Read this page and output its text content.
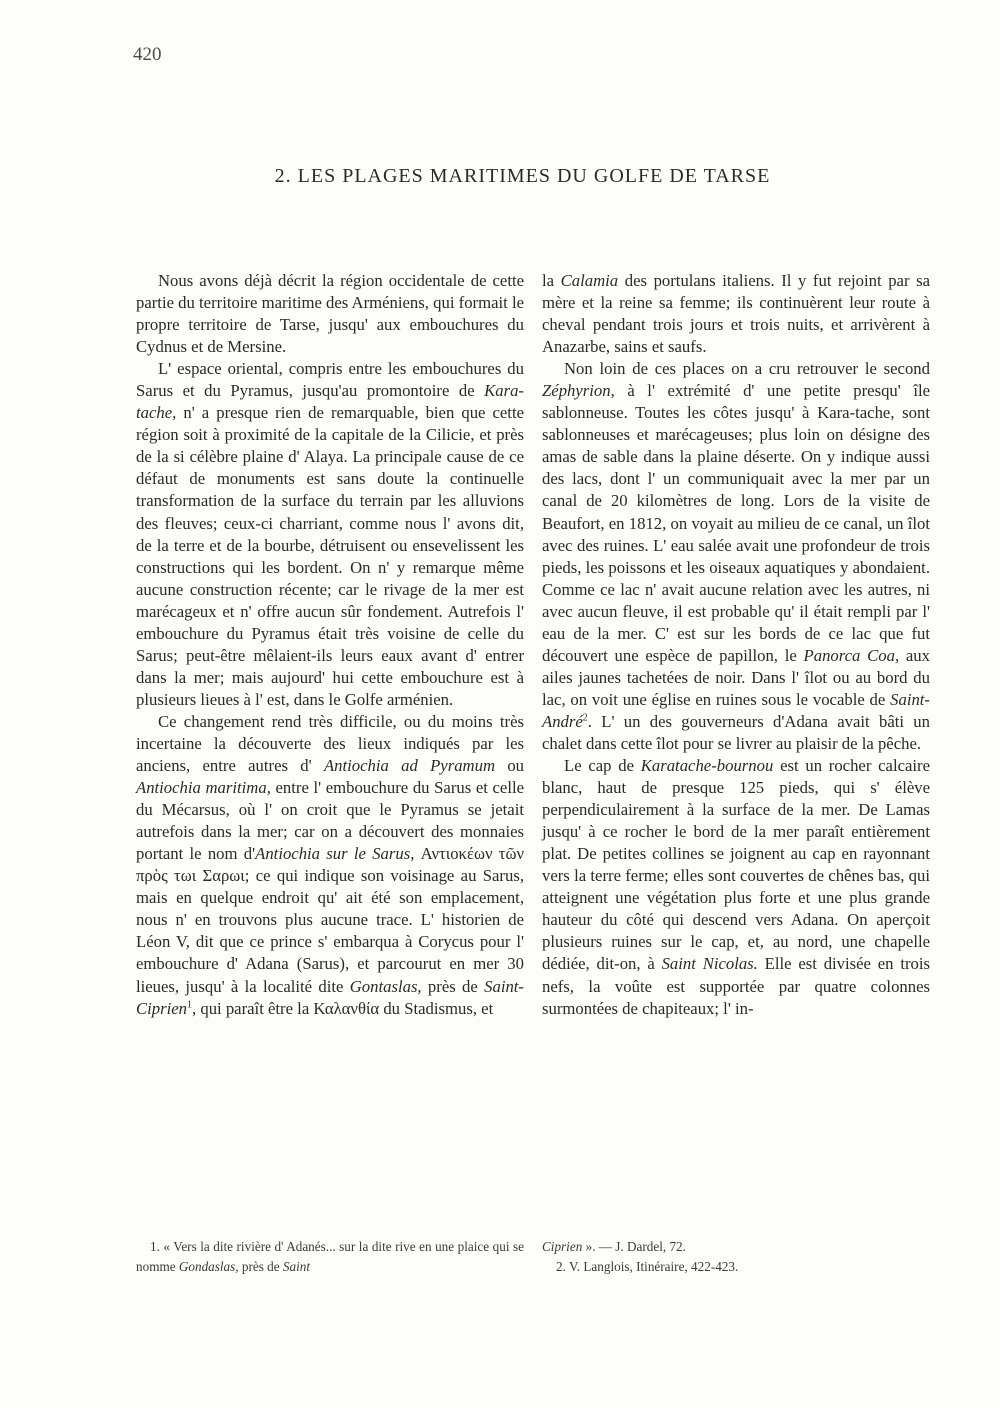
420
2. LES PLAGES MARITIMES DU GOLFE DE TARSE

Nous avons déjà décrit la région occidentale de cette partie du territoire maritime des Arméniens, qui formait le propre territoire de Tarse, jusqu' aux embouchures du Cydnus et de Mersine.

L' espace oriental, compris entre les embouchures du Sarus et du Pyramus, jusqu'au promontoire de Kara-tache, n' a presque rien de remarquable, bien que cette région soit à proximité de la capitale de la Cilicie, et près de la si célèbre plaine d' Alaya. La principale cause de ce défaut de monuments est sans doute la continuelle transformation de la surface du terrain par les alluvions des fleuves; ceux-ci charriant, comme nous l' avons dit, de la terre et de la bourbe, détruisent ou ensevelissent les constructions qui les bordent. On n' y remarque même aucune construction récente; car le rivage de la mer est marécageux et n' offre aucun sûr fondement. Autrefois l' embouchure du Pyramus était très voisine de celle du Sarus; peut-être mêlaient-ils leurs eaux avant d' entrer dans la mer; mais aujourd' hui cette embouchure est à plusieurs lieues à l' est, dans le Golfe arménien.

Ce changement rend très difficile, ou du moins très incertaine la découverte des lieux indiqués par les anciens, entre autres d' Antiochia ad Pyramum ou Antiochia maritima, entre l' embouchure du Sarus et celle du Mécarsus, où l' on croit que le Pyramus se jetait autrefois dans la mer; car on a découvert des monnaies portant le nom d'Antiochia sur le Sarus, Αντιοκέων τῶν πρὸς τωι Σαρωι; ce qui indique son voisinage au Sarus, mais en quelque endroit qu' ait été son emplacement, nous n' en trouvons plus aucune trace. L' historien de Léon V, dit que ce prince s' embarqua à Corycus pour l' embouchure d' Adana (Sarus), et parcourut en mer 30 lieues, jusqu' à la localité dite Gontaslas, près de Saint-Ciprien$^1$, qui paraît être la Καλανθία du Stadismus, et

la Calamia des portulans italiens. Il y fut rejoint par sa mère et la reine sa femme; ils continuèrent leur route à cheval pendant trois jours et trois nuits, et arrivèrent à Anazarbe, sains et saufs.

Non loin de ces places on a cru retrouver le second Zéphyrion, à l' extrémité d' une petite presqu' île sablonneuse. Toutes les côtes jusqu' à Kara-tache, sont sablonneuses et marécageuses; plus loin on désigne des amas de sable dans la plaine déserte. On y indique aussi des lacs, dont l' un communiquait avec la mer par un canal de 20 kilomètres de long. Lors de la visite de Beaufort, en 1812, on voyait au milieu de ce canal, un îlot avec des ruines. L' eau salée avait une profondeur de trois pieds, les poissons et les oiseaux aquatiques y abondaient. Comme ce lac n' avait aucune relation avec les autres, ni avec aucun fleuve, il est probable qu' il était rempli par l' eau de la mer. C' est sur les bords de ce lac que fut découvert une espèce de papillon, le Panorca Coa, aux ailes jaunes tachetées de noir. Dans l' îlot ou au bord du lac, on voit une église en ruines sous le vocable de Saint-André$^2$. L' un des gouverneurs d'Adana avait bâti un chalet dans cette îlot pour se livrer au plaisir de la pêche.

Le cap de Karatache-bournou est un rocher calcaire blanc, haut de presque 125 pieds, qui s' élève perpendiculairement à la surface de la mer. De Lamas jusqu' à ce rocher le bord de la mer paraît entièrement plat. De petites collines se joignent au cap en rayonnant vers la terre ferme; elles sont couvertes de chênes bas, qui atteignent une végétation plus forte et une plus grande hauteur du côté qui descend vers Adana. On aperçoit plusieurs ruines sur le cap, et, au nord, une chapelle dédiée, dit-on, à Saint Nicolas. Elle est divisée en trois nefs, la voûte est supportée par quatre colonnes surmontées de chapiteaux; l' in-

1. « Vers la dite rivière d' Adanés... sur la dite rive en une plaice qui se nomme Gondaslas, près de Saint

Ciprien ». — J. Dardel, 72.

2. V. Langlois, Itinéraire, 422-423.
